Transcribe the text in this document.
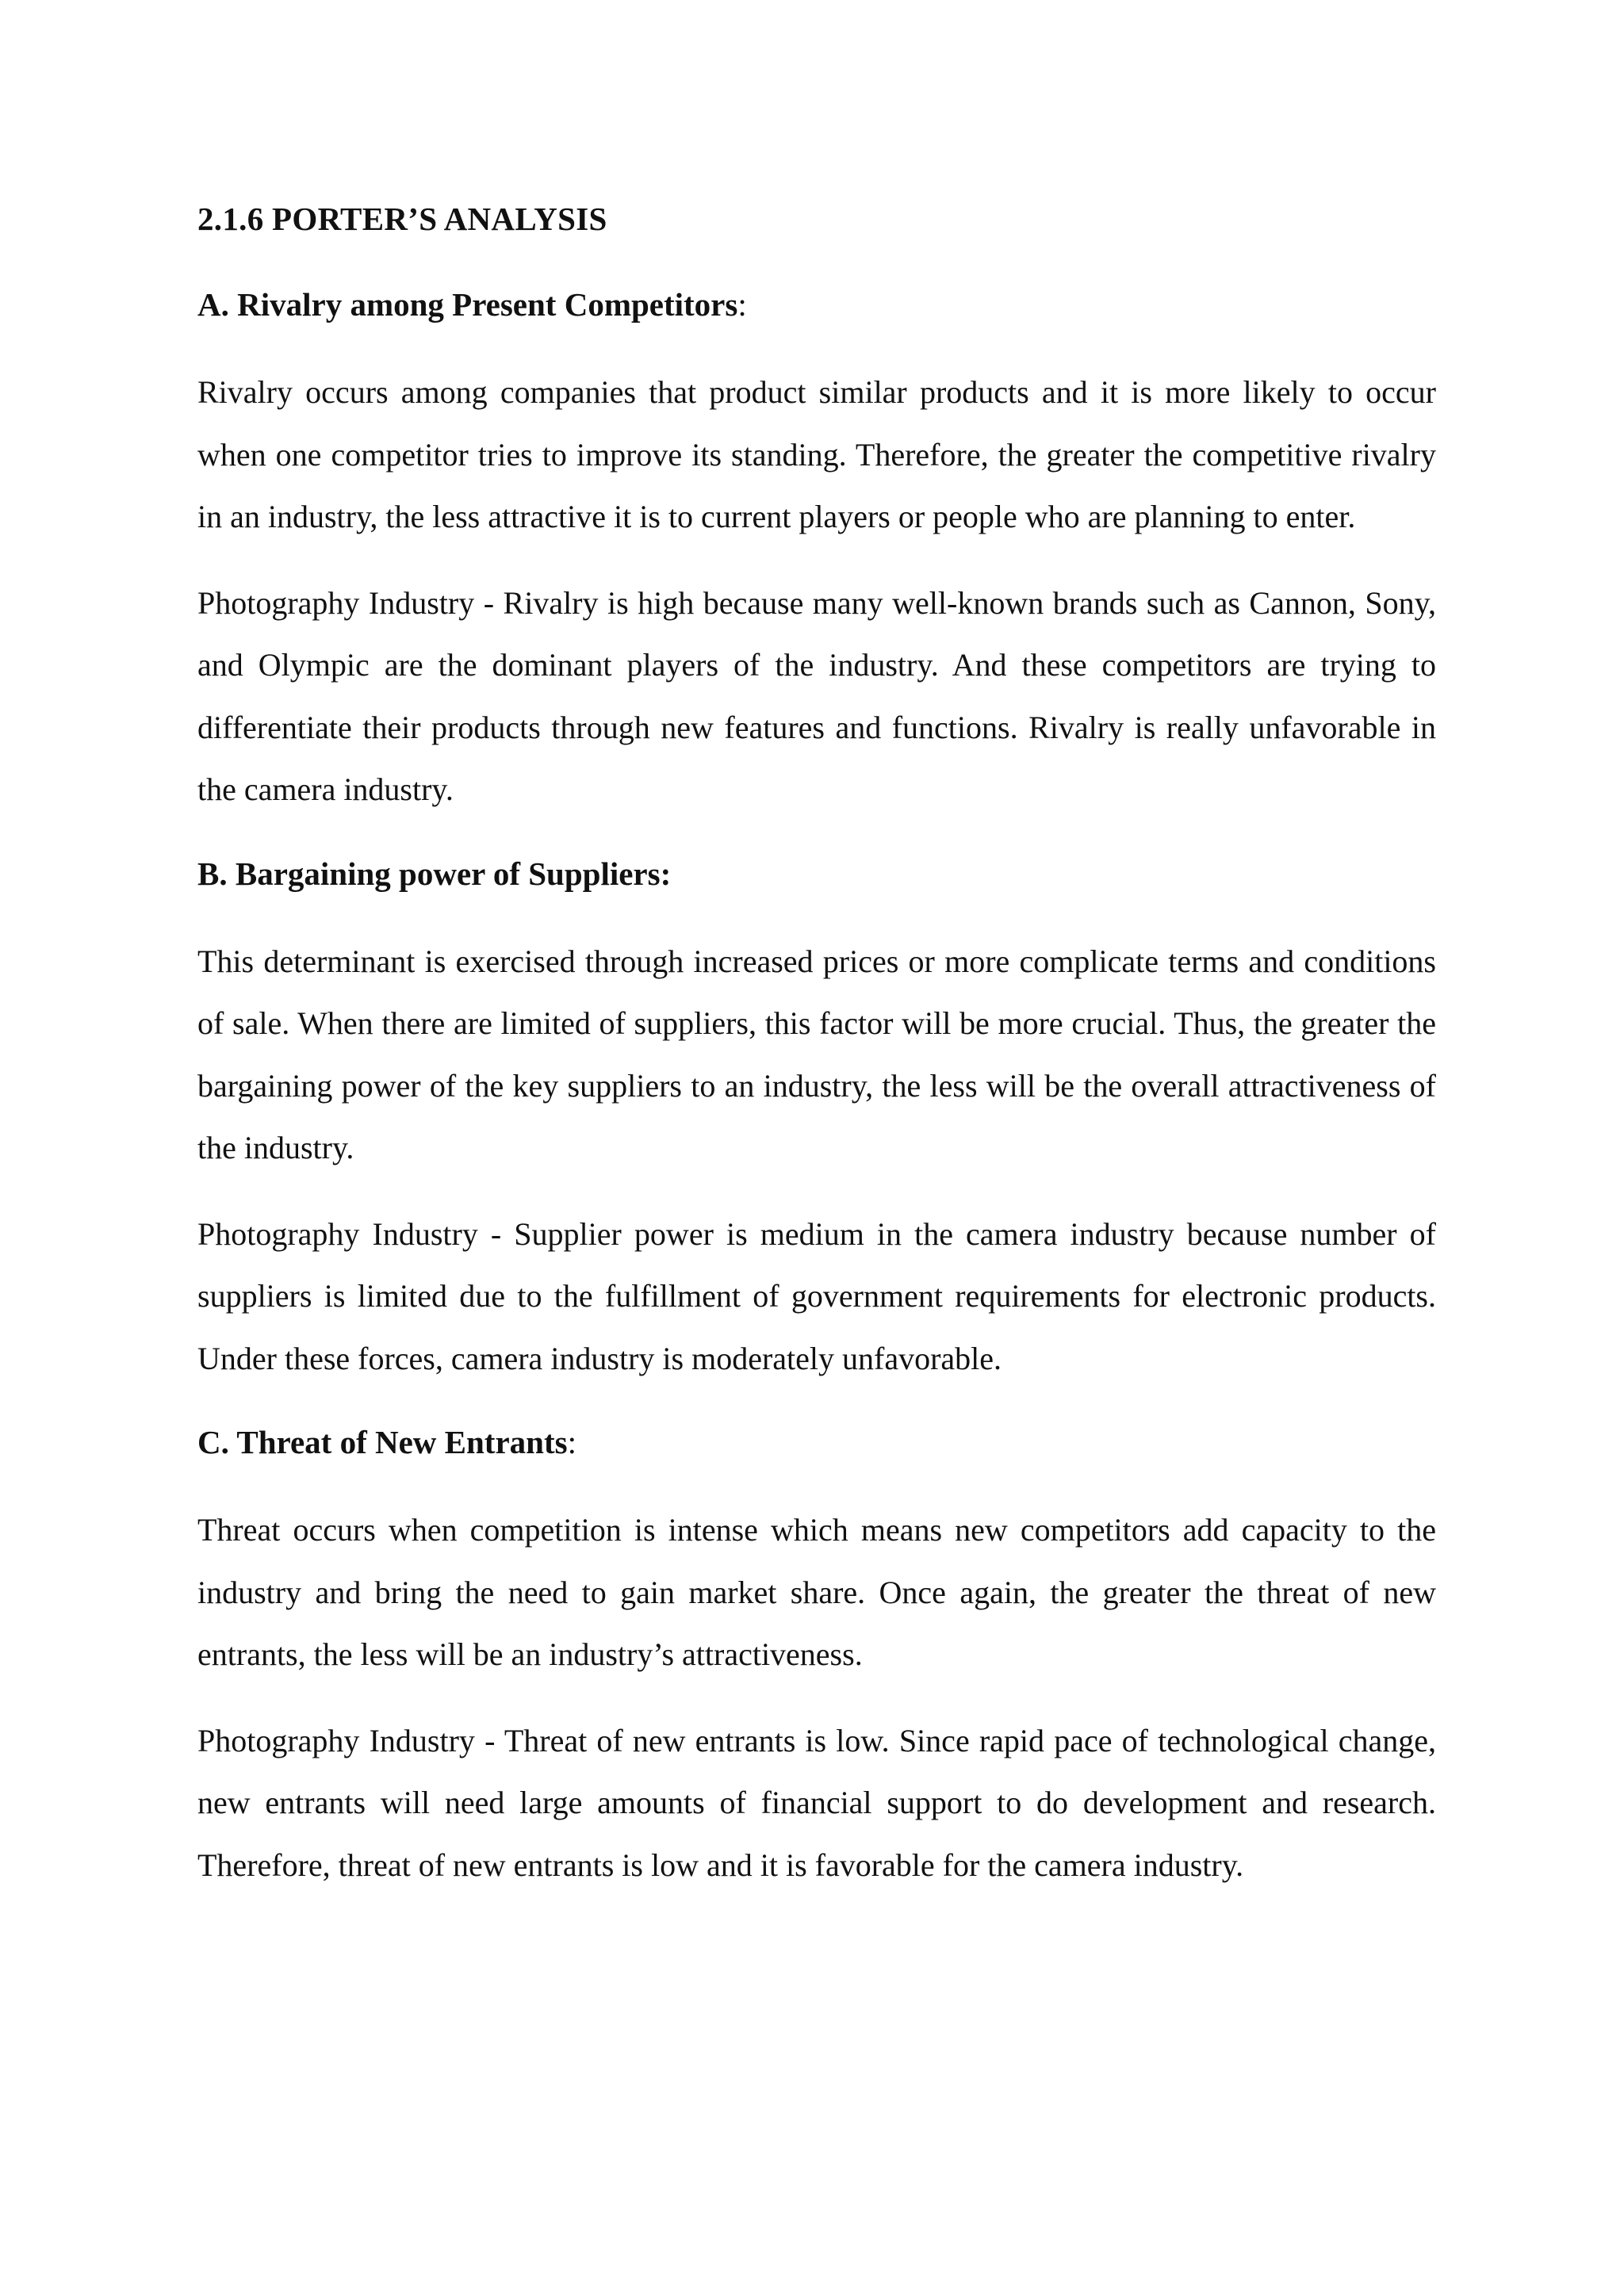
2.1.6 PORTER’S ANALYSIS
A. Rivalry among Present Competitors:

Rivalry occurs among companies that product similar products and it is more likely to occur when one competitor tries to improve its standing. Therefore, the greater the competitive rivalry in an industry, the less attractive it is to current players or people who are planning to enter.

Photography Industry - Rivalry is high because many well-known brands such as Cannon, Sony, and Olympic are the dominant players of the industry. And these competitors are trying to differentiate their products through new features and functions. Rivalry is really unfavorable in the camera industry.

B. Bargaining power of Suppliers:

This determinant is exercised through increased prices or more complicate terms and conditions of sale. When there are limited of suppliers, this factor will be more crucial. Thus, the greater the bargaining power of the key suppliers to an industry, the less will be the overall attractiveness of the industry.

Photography Industry - Supplier power is medium in the camera industry because number of suppliers is limited due to the fulfillment of government requirements for electronic products. Under these forces, camera industry is moderately unfavorable.

C. Threat of New Entrants:

Threat occurs when competition is intense which means new competitors add capacity to the industry and bring the need to gain market share. Once again, the greater the threat of new entrants, the less will be an industry’s attractiveness.

Photography Industry - Threat of new entrants is low. Since rapid pace of technological change, new entrants will need large amounts of financial support to do development and research. Therefore, threat of new entrants is low and it is favorable for the camera industry.
